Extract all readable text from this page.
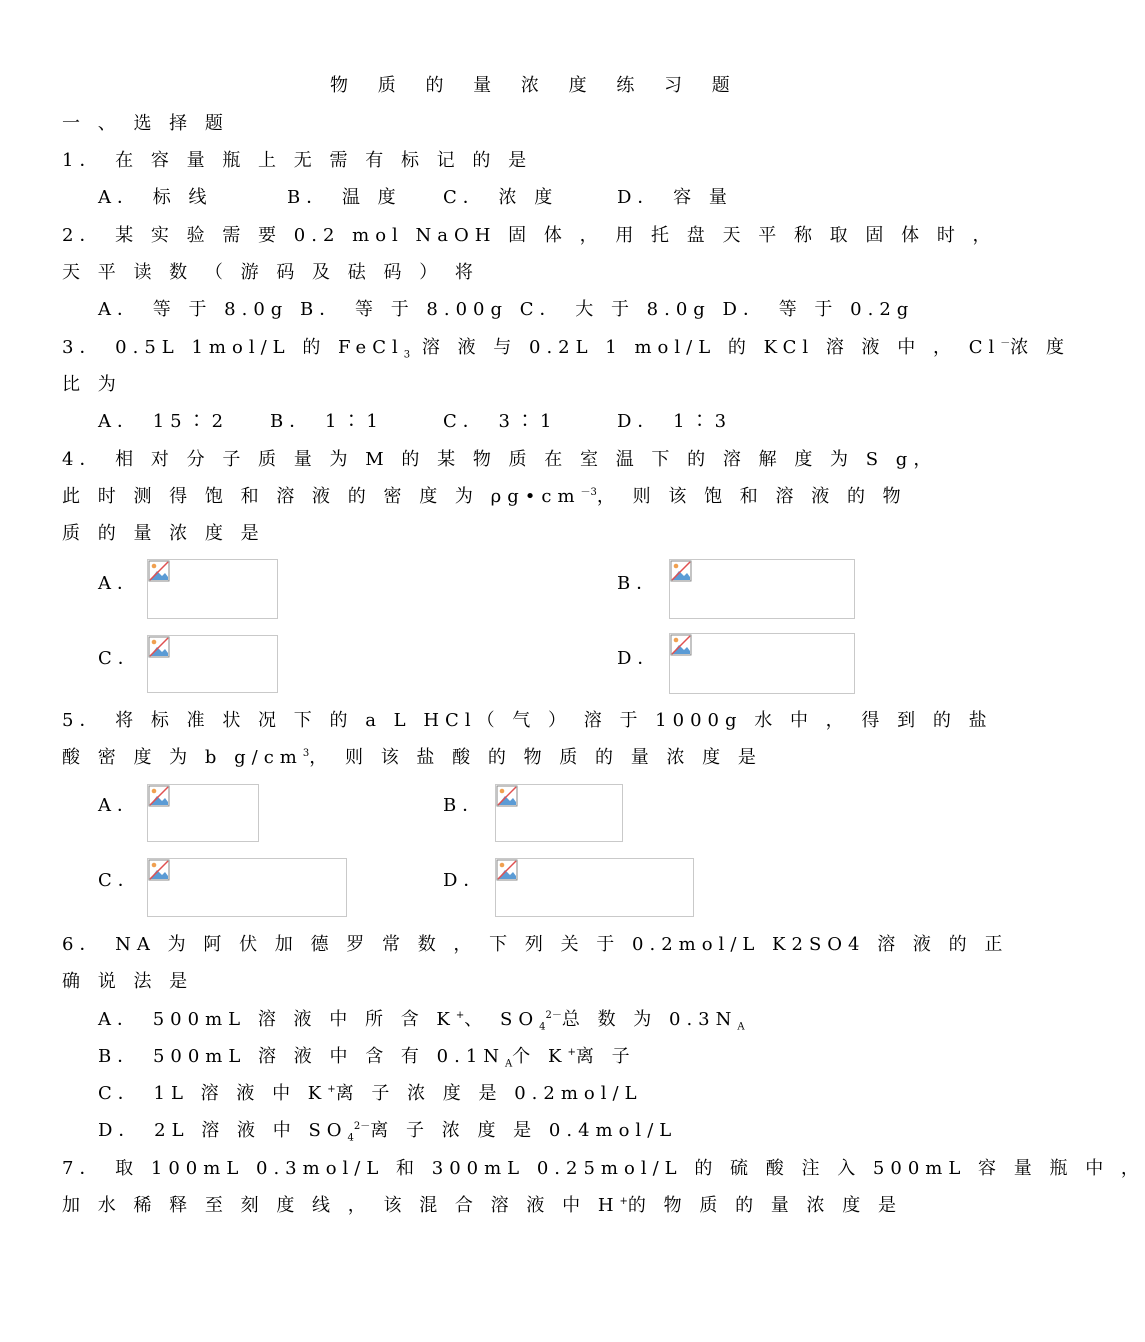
物 质 的 量 浓 度 练 习 题
一 、 选 择 题
1． 在 容 量 瓶 上 无 需 有 标 记 的 是
A． 标 线	B． 温 度 C． 浓 度	D． 容 量
2． 某 实 验 需 要 0.2 mol NaOH 固 体 ， 用 托 盘 天 平 称 取 固 体 时 ，
天 平 读 数 （ 游 码 及 砝 码 ） 将
A． 等 于 8.0g B． 等 于 8.00g C． 大 于 8.0g D． 等 于 0.2g
3． 0.5L 1mol/L 的 FeCl$_3$ 溶 液 与 0.2L 1 mol/L 的 KCl 溶 液 中 ， Cl－浓 度
比 为
A． 15∶2 B． 1∶1	C． 3∶1	D． 1∶3
4． 相 对 分 子 质 量 为 M 的 某 物 质 在 室 温 下 的 溶 解 度 为 S g，
此 时 测 得 饱 和 溶 液 的 密 度 为 $\rho g•cm^{-3}$， 则 该 饱 和 溶 液 的 物
质 的 量 浓 度 是
A．	B．
C．	D．
5． 将 标 准 状 况 下 的 a L HCl（ 气 ） 溶 于 1000g 水 中 ， 得 到 的 盐
酸 密 度 为 b $g/cm^3$， 则 该 盐 酸 的 物 质 的 量 浓 度 是
A．	B．
C．	D．
6． NA 为 阿 伏 加 德 罗 常 数 ， 下 列 关 于 0.2mol/L K2SO4 溶 液 的 正
确 说 法 是
A． 500mL 溶 液 中 所 含 K+、 $SO_4^{2-}$总 数 为 $0.3N_A$
B． 500mL 溶 液 中 含 有 $0.1N_A$个 K+离 子
C． 1L 溶 液 中 K+离 子 浓 度 是 0.2mol/L
D． 2L 溶 液 中 $SO_4^{2-}$离 子 浓 度 是 0.4mol/L
7． 取 100mL 0.3mol/L 和 300mL 0.25mol/L 的 硫 酸 注 入 500mL 容 量 瓶 中 ，
加 水 稀 释 至 刻 度 线 ， 该 混 合 溶 液 中 H+的 物 质 的 量 浓 度 是
